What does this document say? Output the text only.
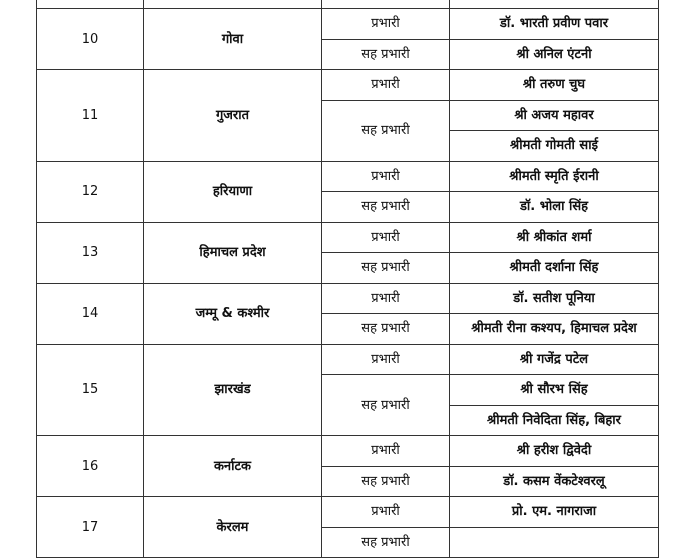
10	गोवा	प्रभारी	डॉ. भारती प्रवीण पवार
		सह प्रभारी	श्री अनिल एंटनी
11	गुजरात	प्रभारी	श्री तरुण चुघ
		सह प्रभारी	श्री अजय महावर
			श्रीमती गोमती साई
12	हरियाणा	प्रभारी	श्रीमती स्मृति ईरानी
		सह प्रभारी	डॉ. भोला सिंह
13	हिमाचल प्रदेश	प्रभारी	श्री श्रीकांत शर्मा
		सह प्रभारी	श्रीमती दर्शाना सिंह
14	जम्मू & कश्मीर	प्रभारी	डॉ. सतीश पूनिया
		सह प्रभारी	श्रीमती रीना कश्यप, हिमाचल प्रदेश
15	झारखंड	प्रभारी	श्री गजेंद्र पटेल
		सह प्रभारी	श्री सौरभ सिंह
			श्रीमती निवेदिता सिंह, बिहार
16	कर्नाटक	प्रभारी	श्री हरीश द्विवेदी
		सह प्रभारी	डॉ. कसम वेंकटेश्वरलू
17	केरलम	प्रभारी	प्रो. एम. नागराजा
		सह प्रभारी	
